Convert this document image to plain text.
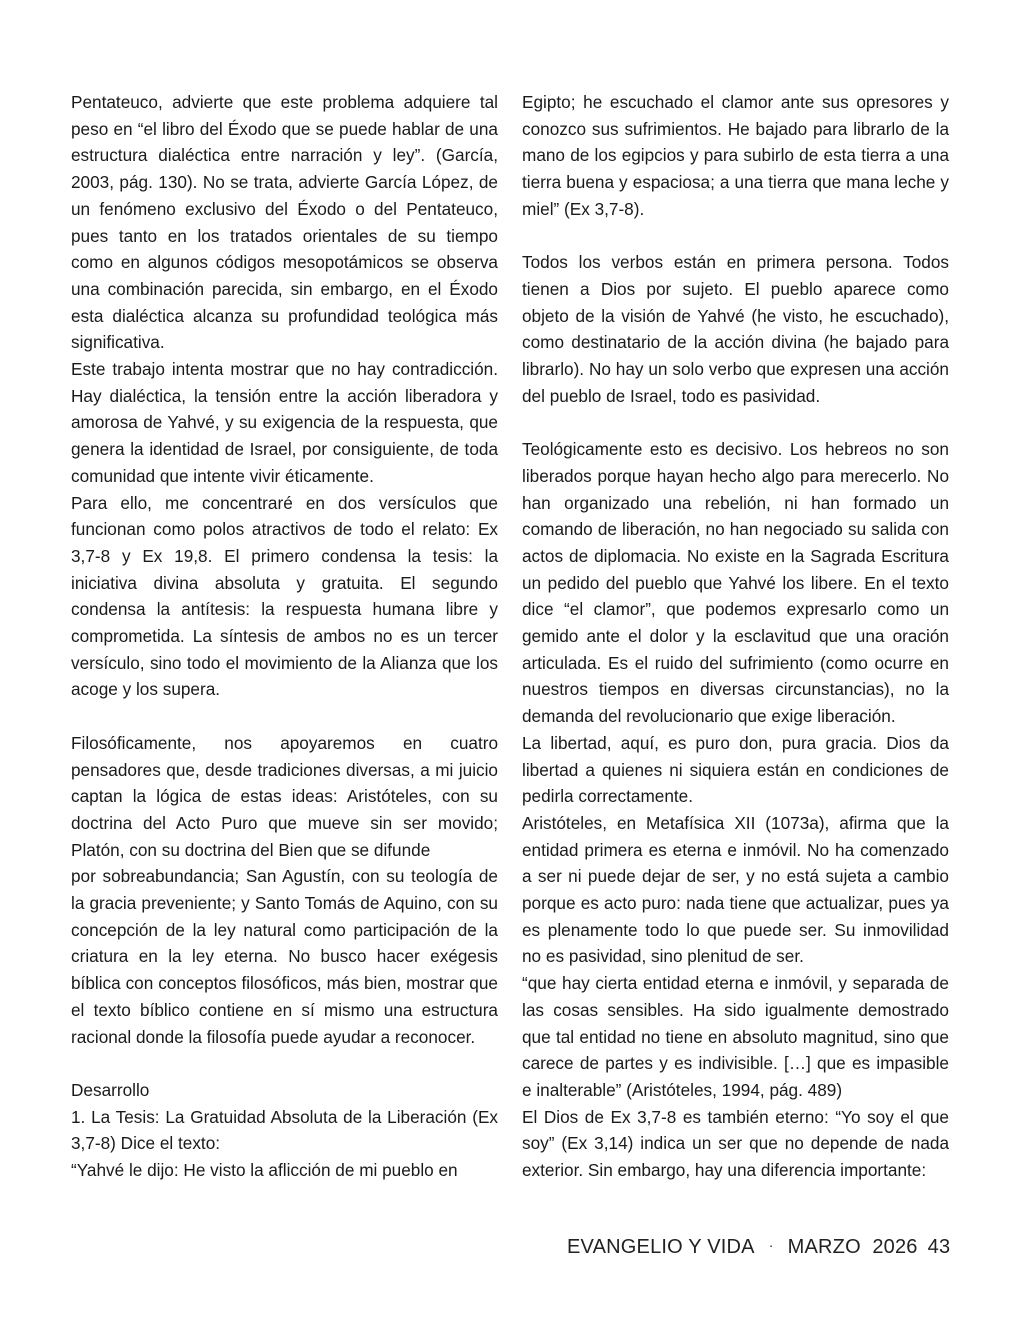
Pentateuco, advierte que este problema adquiere tal peso en “el libro del Éxodo que se puede hablar de una estructura dialéctica entre narración y ley”. (García, 2003, pág. 130). No se trata, advierte García López, de un fenómeno exclusivo del Éxodo o del Pentateuco, pues tanto en los tratados orientales de su tiempo como en algunos códigos mesopotámicos se observa una combinación parecida, sin embargo, en el Éxodo esta dialéctica alcanza su profundidad teológica más significativa.

Este trabajo intenta mostrar que no hay contradicción. Hay dialéctica, la tensión entre la acción liberadora y amorosa de Yahvé, y su exigencia de la respuesta, que genera la identidad de Israel, por consiguiente, de toda comunidad que intente vivir éticamente.

Para ello, me concentraré en dos versículos que funcionan como polos atractivos de todo el relato: Ex 3,7-8 y Ex 19,8. El primero condensa la tesis: la iniciativa divina absoluta y gratuita. El segundo condensa la antítesis: la respuesta humana libre y comprometida. La síntesis de ambos no es un tercer versículo, sino todo el movimiento de la Alianza que los acoge y los supera.

Filosóficamente, nos apoyaremos en cuatro pensadores que, desde tradiciones diversas, a mi juicio captan la lógica de estas ideas: Aristóteles, con su doctrina del Acto Puro que mueve sin ser movido; Platón, con su doctrina del Bien que se difunde

por sobreabundancia; San Agustín, con su teología de la gracia preveniente; y Santo Tomás de Aquino, con su concepción de la ley natural como participación de la criatura en la ley eterna. No busco hacer exégesis bíblica con conceptos filosóficos, más bien, mostrar que el texto bíblico contiene en sí mismo una estructura racional donde la filosofía puede ayudar a reconocer.

Desarrollo

1. La Tesis: La Gratuidad Absoluta de la Liberación (Ex 3,7-8) Dice el texto:

“Yahvé le dijo: He visto la aflicción de mi pueblo en

Egipto; he escuchado el clamor ante sus opresores y conozco sus sufrimientos. He bajado para librarlo de la mano de los egipcios y para subirlo de esta tierra a una tierra buena y espaciosa; a una tierra que mana leche y miel” (Ex 3,7-8).

Todos los verbos están en primera persona. Todos tienen a Dios por sujeto. El pueblo aparece como objeto de la visión de Yahvé (he visto, he escuchado), como destinatario de la acción divina (he bajado para librarlo). No hay un solo verbo que expresen una acción del pueblo de Israel, todo es pasividad.

Teológicamente esto es decisivo. Los hebreos no son liberados porque hayan hecho algo para merecerlo. No han organizado una rebelión, ni han formado un comando de liberación, no han negociado su salida con actos de diplomacia. No existe en la Sagrada Escritura un pedido del pueblo que Yahvé los libere. En el texto dice “el clamor”, que podemos expresarlo como un gemido ante el dolor y la esclavitud que una oración articulada. Es el ruido del sufrimiento (como ocurre en nuestros tiempos en diversas circunstancias), no la demanda del revolucionario que exige liberación.

La libertad, aquí, es puro don, pura gracia. Dios da libertad a quienes ni siquiera están en condiciones de pedirla correctamente.

Aristóteles, en Metafísica XII (1073a), afirma que la entidad primera es eterna e inmóvil. No ha comenzado a ser ni puede dejar de ser, y no está sujeta a cambio porque es acto puro: nada tiene que actualizar, pues ya es plenamente todo lo que puede ser. Su inmovilidad no es pasividad, sino plenitud de ser.

“que hay cierta entidad eterna e inmóvil, y separada de las cosas sensibles. Ha sido igualmente demostrado que tal entidad no tiene en absoluto magnitud, sino que carece de partes y es indivisible. […] que es impasible e inalterable” (Aristóteles, 1994, pág. 489)

El Dios de Ex 3,7-8 es también eterno: “Yo soy el que soy” (Ex 3,14) indica un ser que no depende de nada exterior. Sin embargo, hay una diferencia importante:

EVANGELIO Y VIDA · MARZO  2026 43
